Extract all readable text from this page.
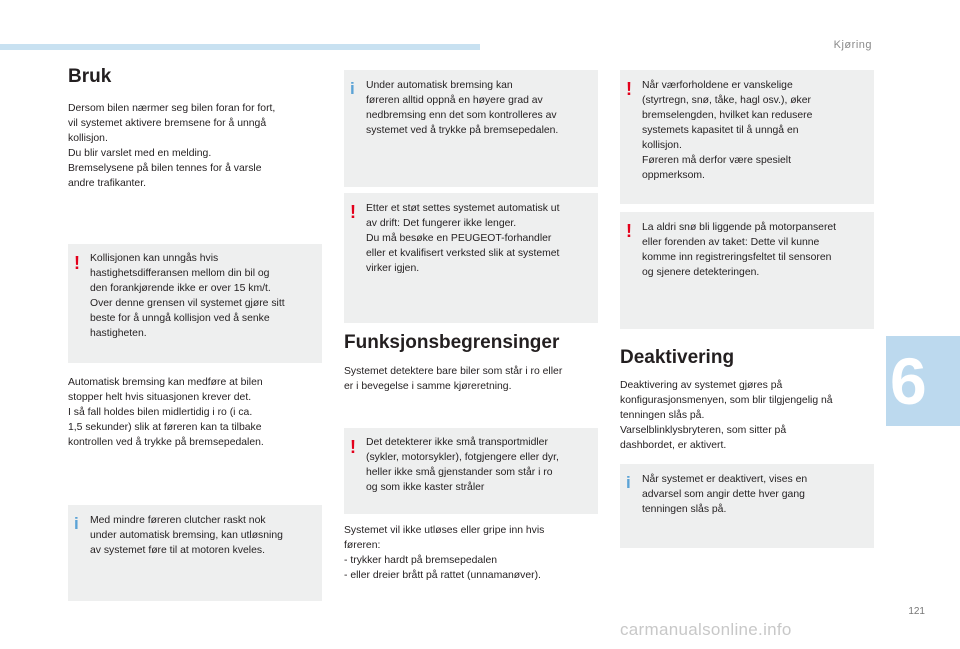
Kjøring
6
Bruk

Dersom bilen nærmer seg bilen foran for fort,
vil systemet aktivere bremsene for å unngå
kollisjon.
Du blir varslet med en melding.
Bremselysene på bilen tennes for å varsle
andre trafikanter.

! Kollisjonen kan unngås hvis
hastighetsdifferansen mellom din bil og
den forankjørende ikke er over 15 km/t.
Over denne grensen vil systemet gjøre sitt
beste for å unngå kollisjon ved å senke
hastigheten.

Automatisk bremsing kan medføre at bilen
stopper helt hvis situasjonen krever det.
I så fall holdes bilen midlertidig i ro (i ca.
1,5 sekunder) slik at føreren kan ta tilbake
kontrollen ved å trykke på bremsepedalen.

i Med mindre føreren clutcher raskt nok
under automatisk bremsing, kan utløsning
av systemet føre til at motoren kveles.
i Under automatisk bremsing kan
føreren alltid oppnå en høyere grad av
nedbremsing enn det som kontrolleres av
systemet ved å trykke på bremsepedalen.
! Etter et støt settes systemet automatisk ut
av drift: Det fungerer ikke lenger.
Du må besøke en PEUGEOT-forhandler
eller et kvalifisert verksted slik at systemet
virker igjen.
Funksjonsbegrensinger

Systemet detektere bare biler som står i ro eller
er i bevegelse i samme kjøreretning.

! Det detekterer ikke små transportmidler
(sykler, motorsykler), fotgjengere eller dyr,
heller ikke små gjenstander som står i ro
og som ikke kaster stråler

Systemet vil ikke utløses eller gripe inn hvis
føreren:
- trykker hardt på bremsepedalen
- eller dreier brått på rattet (unnamanøver).

! Når værforholdene er vanskelige
(styrtregn, snø, tåke, hagl osv.), øker
bremselengden, hvilket kan redusere
systemets kapasitet til å unngå en
kollisjon.
Føreren må derfor være spesielt
oppmerksom.
! La aldri snø bli liggende på motorpanseret
eller forenden av taket: Dette vil kunne
komme inn registreringsfeltet til sensoren
og sjenere detekteringen.
Deaktivering

Deaktivering av systemet gjøres på
konfigurasjonsmenyen, som blir tilgjengelig nå
tenningen slås på.
Varselblinklysbryteren, som sitter på
dashbordet, er aktivert.

i Når systemet er deaktivert, vises en
advarsel som angir dette hver gang
tenningen slås på.
121
carmanualsonline.info
